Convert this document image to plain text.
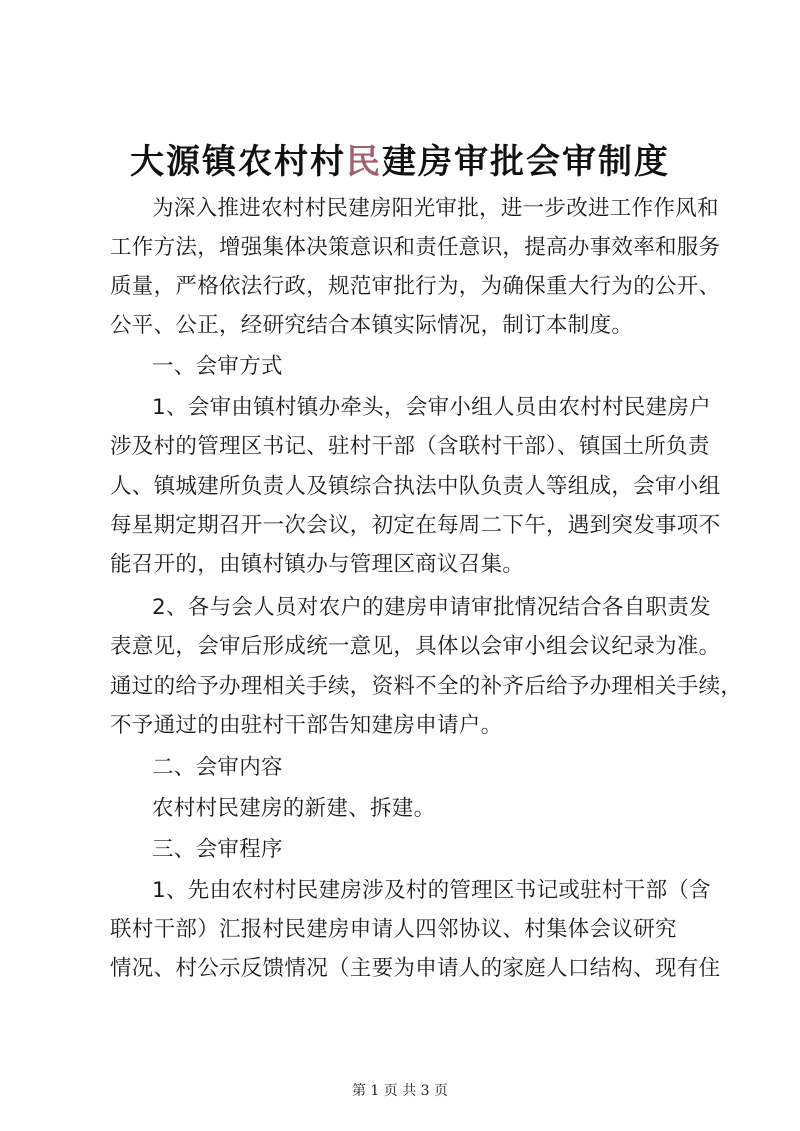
大源镇农村村民建房审批会审制度
为深入推进农村村民建房阳光审批，进一步改进工作作风和
工作方法，增强集体决策意识和责任意识，提高办事效率和服务
质量，严格依法行政，规范审批行为，为确保重大行为的公开、
公平、公正，经研究结合本镇实际情况，制订本制度。
一、会审方式
1、会审由镇村镇办牵头，会审小组人员由农村村民建房户
涉及村的管理区书记、驻村干部（含联村干部）、镇国土所负责
人、镇城建所负责人及镇综合执法中队负责人等组成，会审小组
每星期定期召开一次会议，初定在每周二下午，遇到突发事项不
能召开的，由镇村镇办与管理区商议召集。
2、各与会人员对农户的建房申请审批情况结合各自职责发
表意见，会审后形成统一意见，具体以会审小组会议纪录为准。
通过的给予办理相关手续，资料不全的补齐后给予办理相关手续，
不予通过的由驻村干部告知建房申请户。
二、会审内容
农村村民建房的新建、拆建。
三、会审程序
1、先由农村村民建房涉及村的管理区书记或驻村干部（含
联村干部）汇报村民建房申请人四邻协议、村集体会议研究
情况、村公示反馈情况（主要为申请人的家庭人口结构、现有住
第 1 页 共 3 页
